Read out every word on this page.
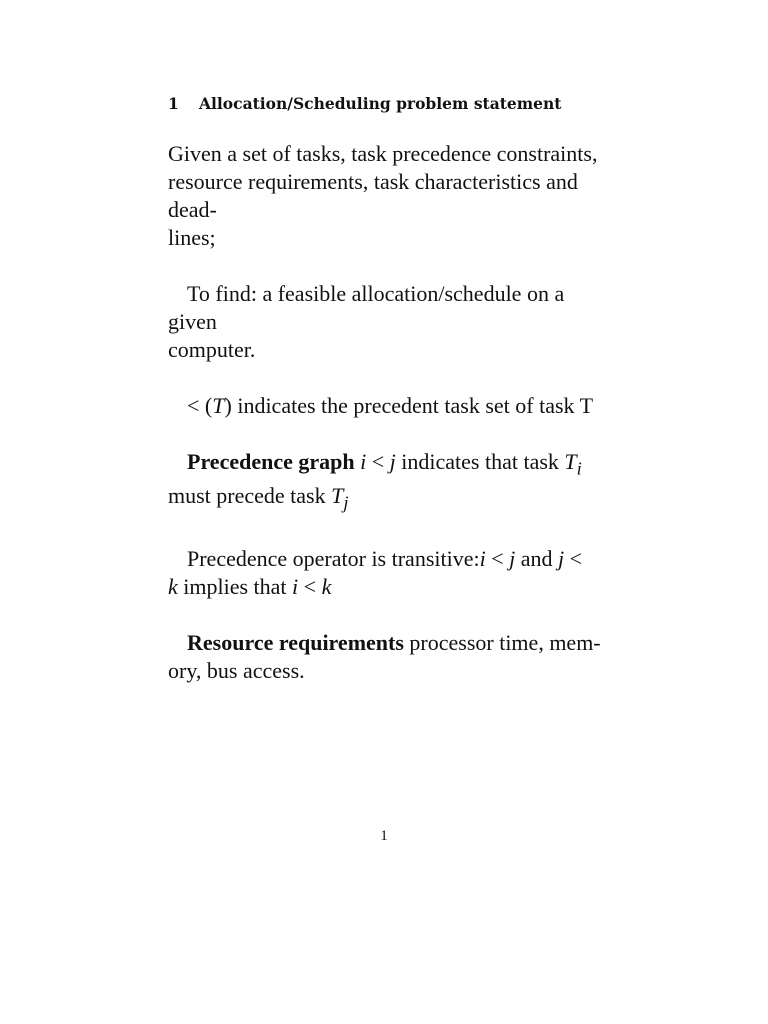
1 Allocation/Scheduling problem statement

Given a set of tasks, task precedence constraints,
resource requirements, task characteristics and dead-
lines;

To find: a feasible allocation/schedule on a given
computer.

< (T) indicates the precedent task set of task T

Precedence graph i < j indicates that task $T_i$ must precede task $T_j$

Precedence operator is transitive:i < j and j <
k implies that i < k

Resource requirements processor time, mem-
ory, bus access.

1
